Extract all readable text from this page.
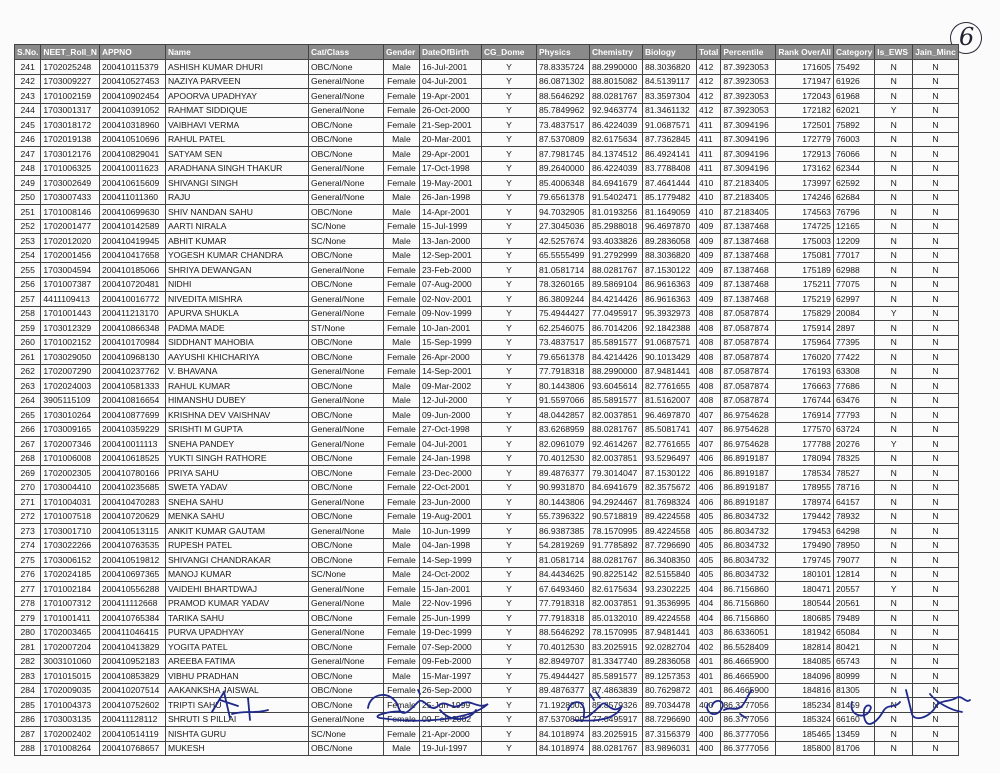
6
S.No.	NEET_Roll_N	APPNO	Name	Cat/Class	Gender	DateOfBirth	CG_Dome	Physics	Chemistry	Biology	Total	Percentile	Rank OverAll	Category	Is_EWS	Jain_Minc
241	1702025248	200410115379	ASHISH KUMAR DHURI	OBC/None	Male	16-Jul-2001	Y	78.8335724	88.2990000	88.3036820	412	87.3923053	171605	75492	N	N
242	1703009227	200410527453	NAZIYA PARVEEN	General/None	Female	04-Jul-2001	Y	86.0871302	88.8015082	84.5139117	412	87.3923053	171947	61926	N	N
243	1701002159	200410902454	APOORVA UPADHYAY	General/None	Female	19-Apr-2001	Y	88.5646292	88.0281767	83.3597304	412	87.3923053	172043	61968	N	N
244	1703001317	200410391052	RAHMAT SIDDIQUE	General/None	Female	26-Oct-2000	Y	85.7849962	92.9463774	81.3461132	412	87.3923053	172182	62021	Y	N
245	1703018172	200410318960	VAIBHAVI VERMA	OBC/None	Female	21-Sep-2001	Y	73.4837517	86.4224039	91.0687571	411	87.3094196	172501	75892	N	N
246	1702019138	200410510696	RAHUL PATEL	OBC/None	Male	20-Mar-2001	Y	87.5370809	82.6175634	87.7362845	411	87.3094196	172779	76003	N	N
247	1703012176	200410829041	SATYAM SEN	OBC/None	Male	29-Apr-2001	Y	87.7981745	84.1374512	86.4924141	411	87.3094196	172913	76066	N	N
248	1701006325	200410011623	ARADHANA SINGH THAKUR	General/None	Female	17-Oct-1998	Y	89.2640000	86.4224039	83.7788408	411	87.3094196	173162	62344	N	N
249	1703002649	200410615609	SHIVANGI SINGH	General/None	Female	19-May-2001	Y	85.4006348	84.6941679	87.4641444	410	87.2183405	173997	62592	N	N
250	1703007433	200411011360	RAJU	General/None	Male	26-Jan-1998	Y	79.6561378	91.5402471	85.1779482	410	87.2183405	174246	62684	N	N
251	1701008146	200410699630	SHIV NANDAN SAHU	OBC/None	Male	14-Apr-2001	Y	94.7032905	81.0193256	81.1649059	410	87.2183405	174563	76796	N	N
252	1702001477	200410142589	AARTI NIRALA	SC/None	Female	15-Jul-1999	Y	27.3045036	85.2988018	96.4697870	409	87.1387468	174725	12165	N	N
253	1702012020	200410419945	ABHIT KUMAR	SC/None	Male	13-Jan-2000	Y	42.5257674	93.4033826	89.2836058	409	87.1387468	175003	12209	N	N
254	1702001456	200410417658	YOGESH KUMAR CHANDRA	OBC/None	Male	12-Sep-2001	Y	65.5555499	91.2792999	88.3036820	409	87.1387468	175081	77017	N	N
255	1703004594	200410185066	SHRIYA DEWANGAN	General/None	Female	23-Feb-2000	Y	81.0581714	88.0281767	87.1530122	409	87.1387468	175189	62988	N	N
256	1701007387	200410720481	NIDHI	OBC/None	Female	07-Aug-2000	Y	78.3260165	89.5869104	86.9616363	409	87.1387468	175211	77075	N	N
257	4411109413	200410016772	NIVEDITA MISHRA	General/None	Female	02-Nov-2001	Y	86.3809244	84.4214426	86.9616363	409	87.1387468	175219	62997	N	N
258	1701001443	200411213170	APURVA SHUKLA	General/None	Female	09-Nov-1999	Y	75.4944427	77.0495917	95.3932973	408	87.0587874	175829	20084	Y	N
259	1703012329	200410866348	PADMA MADE	ST/None	Female	10-Jan-2001	Y	62.2546075	86.7014206	92.1842388	408	87.0587874	175914	2897	N	N
260	1701002152	200410170984	SIDDHANT MAHOBIA	OBC/None	Male	15-Sep-1999	Y	73.4837517	85.5891577	91.0687571	408	87.0587874	175964	77395	N	N
261	1703029050	200410968130	AAYUSHI KHICHARIYA	OBC/None	Female	26-Apr-2000	Y	79.6561378	84.4214426	90.1013429	408	87.0587874	176020	77422	N	N
262	1702007290	200410237762	V. BHAVANA	General/None	Female	14-Sep-2001	Y	77.7918318	88.2990000	87.9481441	408	87.0587874	176193	63308	N	N
263	1702024003	200410581333	RAHUL KUMAR	OBC/None	Male	09-Mar-2002	Y	80.1443806	93.6045614	82.7761655	408	87.0587874	176663	77686	N	N
264	3905115109	200410816654	HIMANSHU DUBEY	General/None	Male	12-Jul-2000	Y	91.5597066	85.5891577	81.5162007	408	87.0587874	176744	63476	N	N
265	1703010264	200410877699	KRISHNA DEV VAISHNAV	OBC/None	Male	09-Jun-2000	Y	48.0442857	82.0037851	96.4697870	407	86.9754628	176914	77793	N	N
266	1703009165	200410359229	SRISHTI M GUPTA	General/None	Female	27-Oct-1998	Y	83.6268959	88.0281767	85.5081741	407	86.9754628	177570	63724	N	N
267	1702007346	200410011113	SNEHA PANDEY	General/None	Female	04-Jul-2001	Y	82.0961079	92.4614267	82.7761655	407	86.9754628	177788	20276	Y	N
268	1701006008	200410618525	YUKTI SINGH RATHORE	OBC/None	Female	24-Jan-1998	Y	70.4012530	82.0037851	93.5296497	406	86.8919187	178094	78325	N	N
269	1702002305	200410780166	PRIYA SAHU	OBC/None	Female	23-Dec-2000	Y	89.4876377	79.3014047	87.1530122	406	86.8919187	178534	78527	N	N
270	1703004410	200410235685	SWETA YADAV	OBC/None	Female	22-Oct-2001	Y	90.9931870	84.6941679	82.3575672	406	86.8919187	178955	78716	N	N
271	1701004031	200410470283	SNEHA SAHU	General/None	Female	23-Jun-2000	Y	80.1443806	94.2924467	81.7698324	406	86.8919187	178974	64157	N	N
272	1701007518	200410720629	MENKA SAHU	OBC/None	Female	19-Aug-2001	Y	55.7396322	90.5718819	89.4224558	405	86.8034732	179442	78932	N	N
273	1703001710	200410513115	ANKIT KUMAR GAUTAM	General/None	Male	10-Jun-1999	Y	86.9387385	78.1570995	89.4224558	405	86.8034732	179453	64298	N	N
274	1703022266	200410763535	RUPESH PATEL	OBC/None	Male	04-Jan-1998	Y	54.2819269	91.7785892	87.7296690	405	86.8034732	179490	78950	N	N
275	1703006152	200410519812	SHIVANGI CHANDRAKAR	OBC/None	Female	14-Sep-1999	Y	81.0581714	88.0281767	86.3408350	405	86.8034732	179745	79077	N	N
276	1702024185	200410697365	MANOJ KUMAR	SC/None	Male	24-Oct-2002	Y	84.4434625	90.8225142	82.5155840	405	86.8034732	180101	12814	N	N
277	1701002184	200410556288	VAIDEHI BHARTDWAJ	General/None	Female	15-Jan-2001	Y	67.6493460	82.6175634	93.2302225	404	86.7156860	180471	20557	Y	N
278	1701007312	200411112668	PRAMOD KUMAR YADAV	General/None	Male	22-Nov-1996	Y	77.7918318	82.0037851	91.3536995	404	86.7156860	180544	20561	N	N
279	1701001411	200410765384	TARIKA SAHU	OBC/None	Female	25-Jun-1999	Y	77.7918318	85.0132010	89.4224558	404	86.7156860	180685	79489	N	N
280	1702003465	200411046415	PURVA UPADHYAY	General/None	Female	19-Dec-1999	Y	88.5646292	78.1570995	87.9481441	403	86.6336051	181942	65084	N	N
281	1702007204	200410413829	YOGITA PATEL	OBC/None	Female	07-Sep-2000	Y	70.4012530	83.2025915	92.0282704	402	86.5528409	182814	80421	N	N
282	3003101060	200410952183	AREEBA FATIMA	General/None	Female	09-Feb-2000	Y	82.8949707	81.3347740	89.2836058	401	86.4665900	184085	65743	N	N
283	1701015015	200410853829	VIBHU PRADHAN	OBC/None	Male	15-Mar-1997	Y	75.4944427	85.5891577	89.1257353	401	86.4665900	184096	80999	N	N
284	1702009035	200410207514	AAKANKSHA JAISWAL	OBC/None	Female	26-Sep-2000	Y	89.4876377	87.4863839	80.7629872	401	86.4665900	184816	81305	N	N
285	1701004373	200410752602	TRIPTI SAHU	OBC/None	Female	25-Jun-1999	Y	71.1928003	85.8579326	89.7034478	400	86.3777056	185234	81459	N	N
286	1703003135	200411128112	SHRUTI S PILLAI	General/None	Female	09-Feb-2002	Y	87.5370809	77.0495917	88.7296690	400	86.3777056	185324	66160	N	N
287	1702002402	200410514119	NISHTA GURU	SC/None	Female	21-Apr-2000	Y	84.1018974	83.2025915	87.3156379	400	86.3777056	185465	13459	N	N
288	1701008264	200410768657	MUKESH	OBC/None	Male	19-Jul-1997	Y	84.1018974	88.0281767	83.9896031	400	86.3777056	185800	81706	N	N
